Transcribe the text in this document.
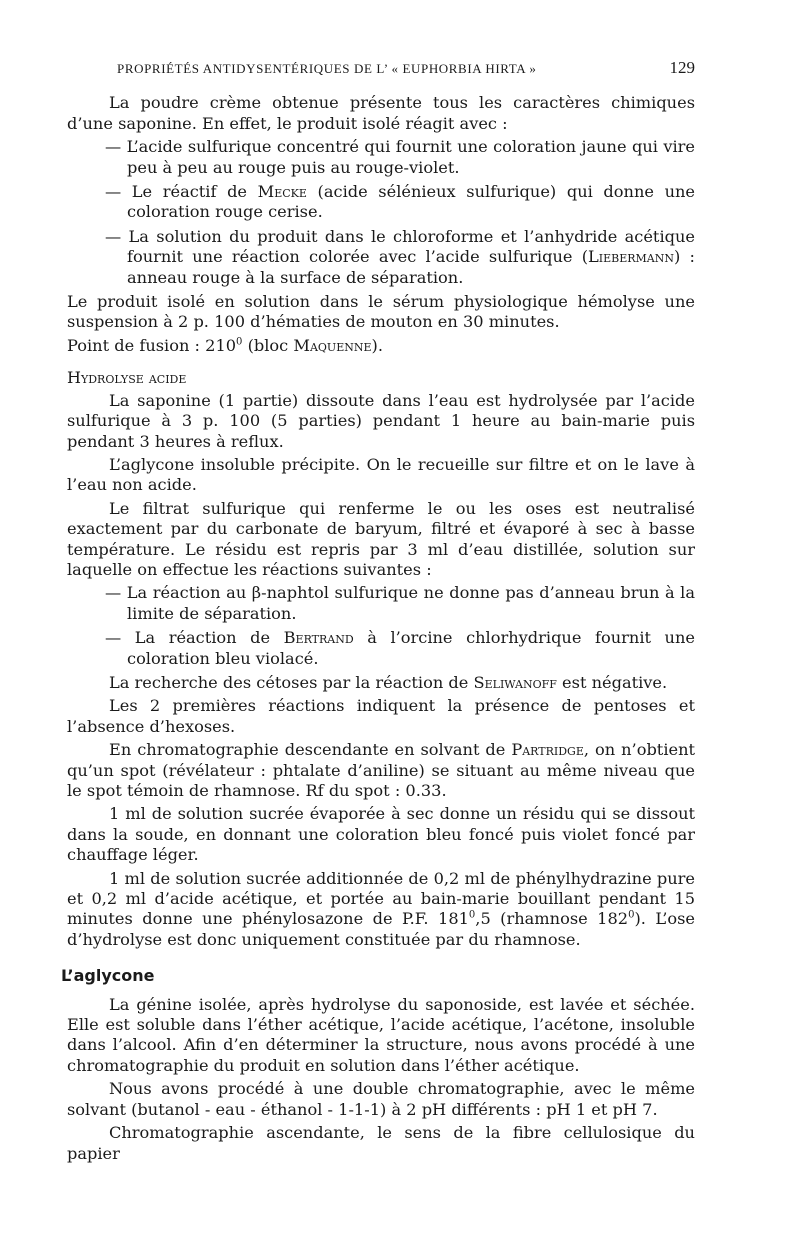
PROPRIÉTÉS ANTIDYSENTÉRIQUES DE L’ « EUPHORBIA HIRTA »	129

La poudre crème obtenue présente tous les caractères chimiques d’une saponine. En effet, le produit isolé réagit avec :

— L’acide sulfurique concentré qui fournit une coloration jaune qui vire peu à peu au rouge puis au rouge-violet.

— Le réactif de Mecke (acide sélénieux sulfurique) qui donne une coloration rouge cerise.

— La solution du produit dans le chloroforme et l’anhydride acétique fournit une réaction colorée avec l’acide sulfurique (Liebermann) : anneau rouge à la surface de séparation.

Le produit isolé en solution dans le sérum physiologique hémolyse une suspension à 2 p. 100 d’hématies de mouton en 30 minutes.

Point de fusion : $210^0$ (bloc Maquenne).

Hydrolyse acide

La saponine (1 partie) dissoute dans l’eau est hydrolysée par l’acide sulfurique à 3 p. 100 (5 parties) pendant 1 heure au bain-marie puis pendant 3 heures à reflux.

L’aglycone insoluble précipite. On le recueille sur filtre et on le lave à l’eau non acide.

Le filtrat sulfurique qui renferme le ou les oses est neutralisé exactement par du carbonate de baryum, filtré et évaporé à sec à basse température. Le résidu est repris par 3 ml d’eau distillée, solution sur laquelle on effectue les réactions suivantes :

— La réaction au β-naphtol sulfurique ne donne pas d’anneau brun à la limite de séparation.

— La réaction de Bertrand à l’orcine chlorhydrique fournit une coloration bleu violacé.

La recherche des cétoses par la réaction de Seliwanoff est négative.

Les 2 premières réactions indiquent la présence de pentoses et l’absence d’hexoses.

En chromatographie descendante en solvant de Partridge, on n’obtient qu’un spot (révélateur : phtalate d’aniline) se situant au même niveau que le spot témoin de rhamnose. Rf du spot : 0.33.

1 ml de solution sucrée évaporée à sec donne un résidu qui se dissout dans la soude, en donnant une coloration bleu foncé puis violet foncé par chauffage léger.

1 ml de solution sucrée additionnée de 0,2 ml de phénylhydrazine pure et 0,2 ml d’acide acétique, et portée au bain-marie bouillant pendant 15 minutes donne une phénylosazone de P.F. $181^0,5$ (rhamnose $182^0$). L’ose d’hydrolyse est donc uniquement constituée par du rhamnose.

L’aglycone

La génine isolée, après hydrolyse du saponoside, est lavée et séchée. Elle est soluble dans l’éther acétique, l’acide acétique, l’acétone, insoluble dans l’alcool. Afin d’en déterminer la structure, nous avons procédé à une chromatographie du produit en solution dans l’éther acétique.

Nous avons procédé à une double chromatographie, avec le même solvant (butanol - eau - éthanol - 1-1-1) à 2 pH différents : pH 1 et pH 7.

Chromatographie ascendante, le sens de la fibre cellulosique du papier
